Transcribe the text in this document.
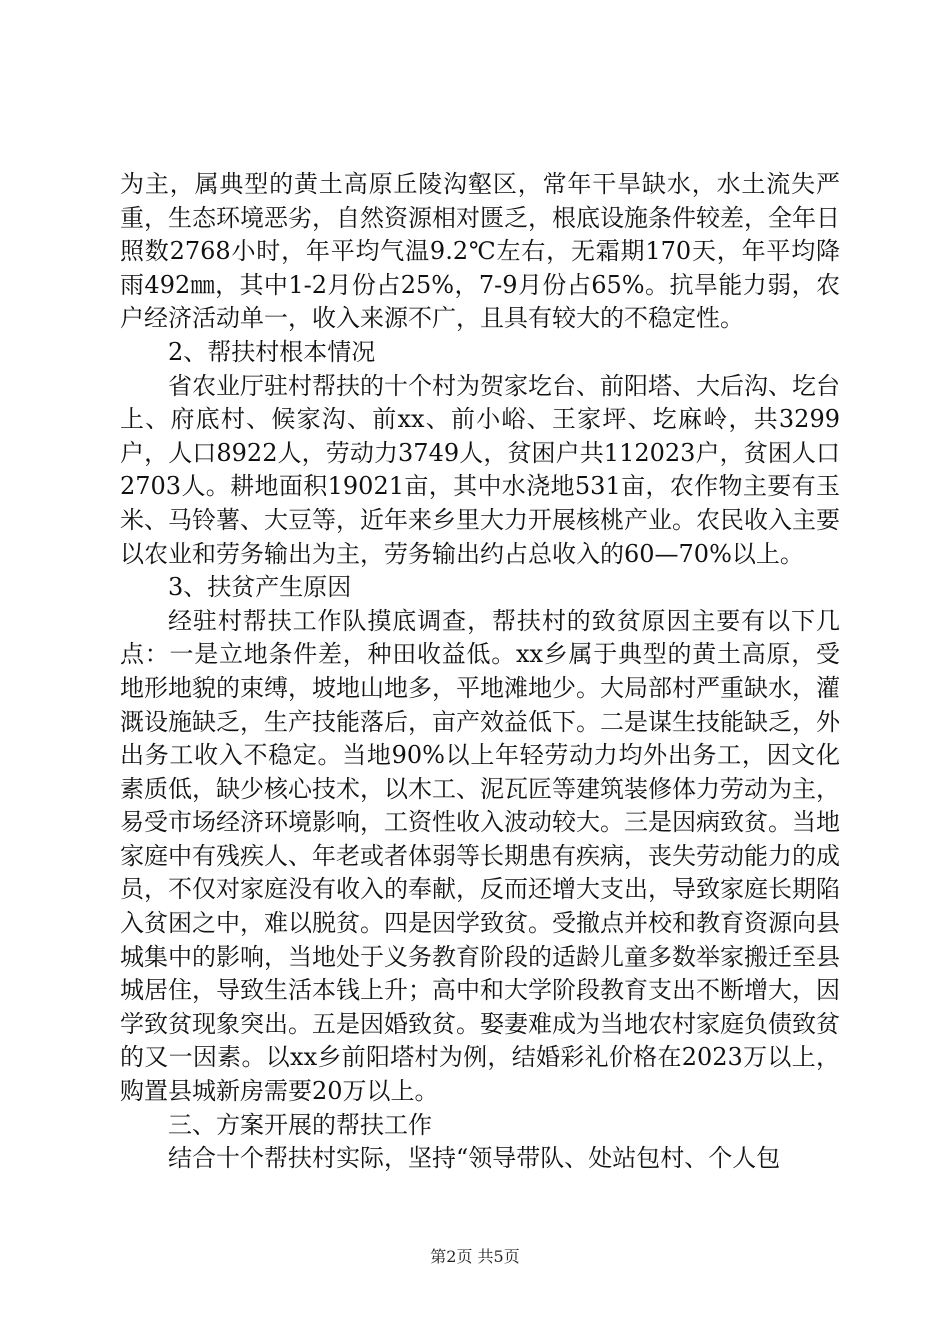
为主，属典型的黄土高原丘陵沟壑区，常年干旱缺水，水土流失严重，生态环境恶劣，自然资源相对匮乏，根底设施条件较差，全年日照数2768小时，年平均气温9.2℃左右，无霜期170天，年平均降雨492㎜，其中1-2月份占25%，7-9月份占65%。抗旱能力弱，农户经济活动单一，收入来源不广，且具有较大的不稳定性。

2、帮扶村根本情况

省农业厅驻村帮扶的十个村为贺家圪台、前阳塔、大后沟、圪台上、府底村、候家沟、前xx、前小峪、王家坪、圪麻岭，共3299户，人口8922人，劳动力3749人，贫困户共112023户，贫困人口2703人。耕地面积19021亩，其中水浇地531亩，农作物主要有玉米、马铃薯、大豆等，近年来乡里大力开展核桃产业。农民收入主要以农业和劳务输出为主，劳务输出约占总收入的60—70%以上。

3、扶贫产生原因

经驻村帮扶工作队摸底调查，帮扶村的致贫原因主要有以下几点：一是立地条件差，种田收益低。xx乡属于典型的黄土高原，受地形地貌的束缚，坡地山地多，平地滩地少。大局部村严重缺水，灌溉设施缺乏，生产技能落后，亩产效益低下。二是谋生技能缺乏，外出务工收入不稳定。当地90%以上年轻劳动力均外出务工，因文化素质低，缺少核心技术，以木工、泥瓦匠等建筑装修体力劳动为主，易受市场经济环境影响，工资性收入波动较大。三是因病致贫。当地家庭中有残疾人、年老或者体弱等长期患有疾病，丧失劳动能力的成员，不仅对家庭没有收入的奉献，反而还增大支出，导致家庭长期陷入贫困之中，难以脱贫。四是因学致贫。受撤点并校和教育资源向县城集中的影响，当地处于义务教育阶段的适龄儿童多数举家搬迁至县城居住，导致生活本钱上升；高中和大学阶段教育支出不断增大，因学致贫现象突出。五是因婚致贫。娶妻难成为当地农村家庭负债致贫的又一因素。以xx乡前阳塔村为例，结婚彩礼价格在2023万以上，购置县城新房需要20万以上。

三、方案开展的帮扶工作

结合十个帮扶村实际，坚持“领导带队、处站包村、个人包

第2页 共5页
